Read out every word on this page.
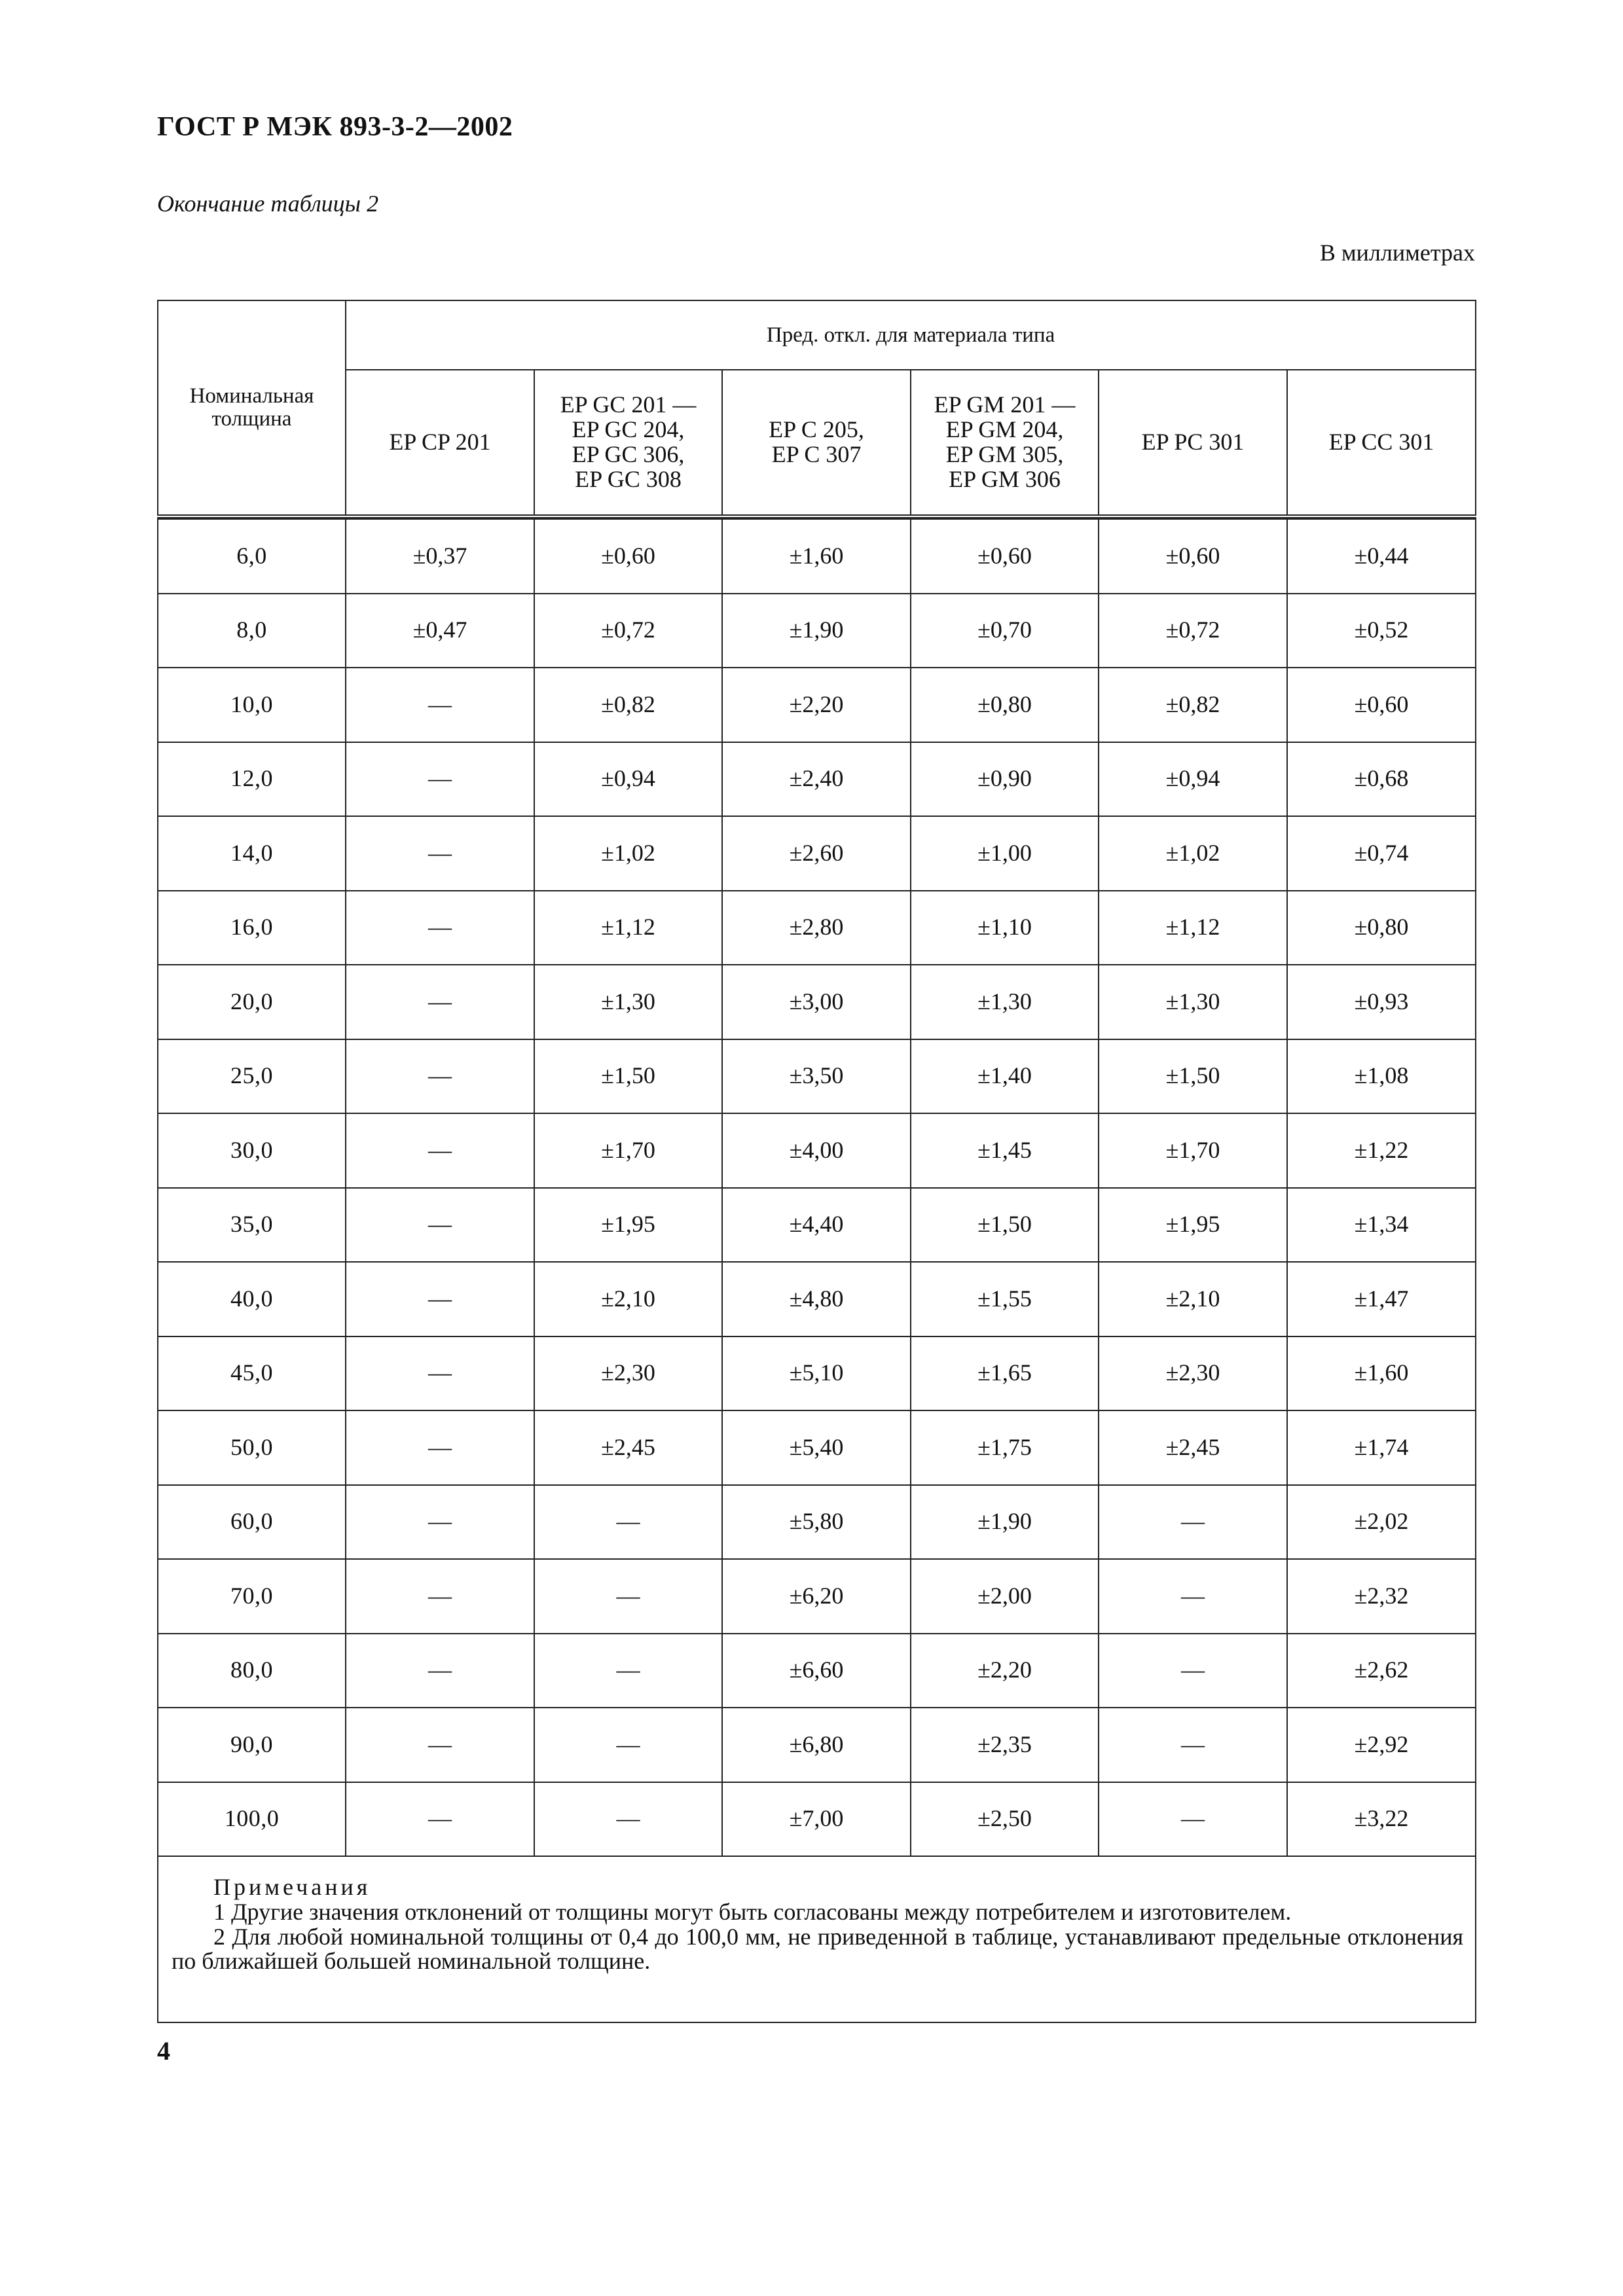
ГОСТ Р МЭК 893-3-2—2002
Окончание таблицы 2
В миллиметрах
Номинальная
толщина	Пред. откл. для материала типа					

	EP CP 201	EP GC 201 —
EP GC 204,
EP GC 306,
EP GC 308	EP C 205,
EP C 307	EP GM 201 —
EP GM 204,
EP GM 305,
EP GM 306	EP PC 301	EP CC 301

6,0	±0,37	±0,60	±1,60	±0,60	±0,60	±0,44
8,0	±0,47	±0,72	±1,90	±0,70	±0,72	±0,52
10,0	—	±0,82	±2,20	±0,80	±0,82	±0,60
12,0	—	±0,94	±2,40	±0,90	±0,94	±0,68
14,0	—	±1,02	±2,60	±1,00	±1,02	±0,74
16,0	—	±1,12	±2,80	±1,10	±1,12	±0,80
20,0	—	±1,30	±3,00	±1,30	±1,30	±0,93
25,0	—	±1,50	±3,50	±1,40	±1,50	±1,08
30,0	—	±1,70	±4,00	±1,45	±1,70	±1,22
35,0	—	±1,95	±4,40	±1,50	±1,95	±1,34
40,0	—	±2,10	±4,80	±1,55	±2,10	±1,47
45,0	—	±2,30	±5,10	±1,65	±2,30	±1,60
50,0	—	±2,45	±5,40	±1,75	±2,45	±1,74
60,0	—	—	±5,80	±1,90	—	±2,02
70,0	—	—	±6,20	±2,00	—	±2,32
80,0	—	—	±6,60	±2,20	—	±2,62
90,0	—	—	±6,80	±2,35	—	±2,92
100,0	—	—	±7,00	±2,50	—	±3,22

Примечания
1 Другие значения отклонений от толщины могут быть согласованы между потребителем и изготовителем.
2 Для любой номинальной толщины от 0,4 до 100,0 мм, не приведенной в таблице, устанавливают предельные отклонения по ближайшей большей номинальной толщине.						
4
